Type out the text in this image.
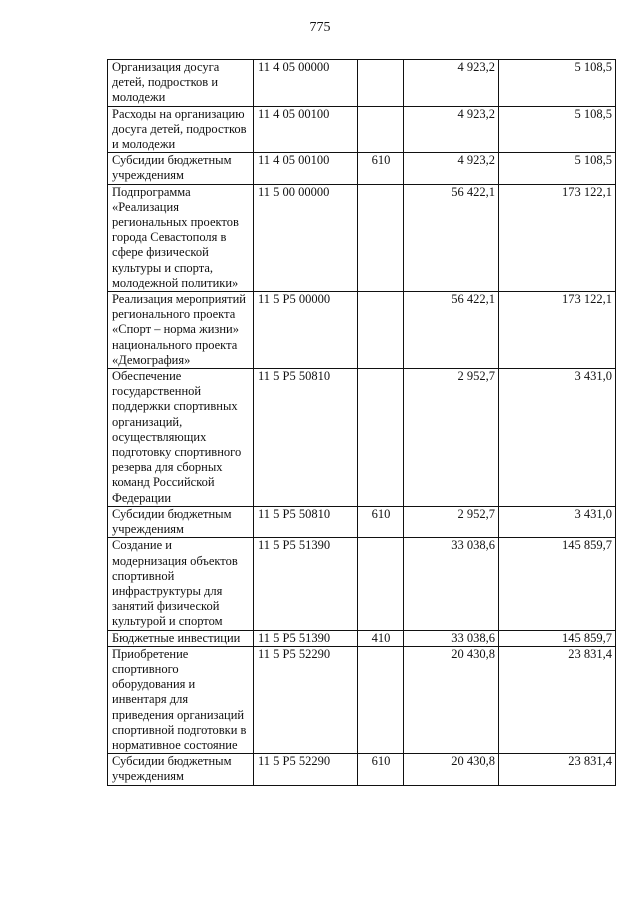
775
Организация досуга детей, подростков и молодежи	11 4 05 00000		4 923,2	5 108,5
Расходы на организацию досуга детей, подростков и молодежи	11 4 05 00100		4 923,2	5 108,5
Субсидии бюджетным учреждениям	11 4 05 00100	610	4 923,2	5 108,5
Подпрограмма «Реализация региональных проектов города Севастополя в сфере физической культуры и спорта, молодежной политики»	11 5 00 00000		56 422,1	173 122,1
Реализация мероприятий регионального проекта «Спорт – норма жизни» национального проекта «Демография»	11 5 Р5 00000		56 422,1	173 122,1
Обеспечение государственной поддержки спортивных организаций, осуществляющих подготовку спортивного резерва для сборных команд Российской Федерации	11 5 Р5 50810		2 952,7	3 431,0
Субсидии бюджетным учреждениям	11 5 Р5 50810	610	2 952,7	3 431,0
Создание и модернизация объектов спортивной инфраструктуры для занятий физической культурой и спортом	11 5 Р5 51390		33 038,6	145 859,7
Бюджетные инвестиции	11 5 Р5 51390	410	33 038,6	145 859,7
Приобретение спортивного оборудования и инвентаря для приведения организаций спортивной подготовки в нормативное состояние	11 5 Р5 52290		20 430,8	23 831,4
Субсидии бюджетным учреждениям	11 5 Р5 52290	610	20 430,8	23 831,4
